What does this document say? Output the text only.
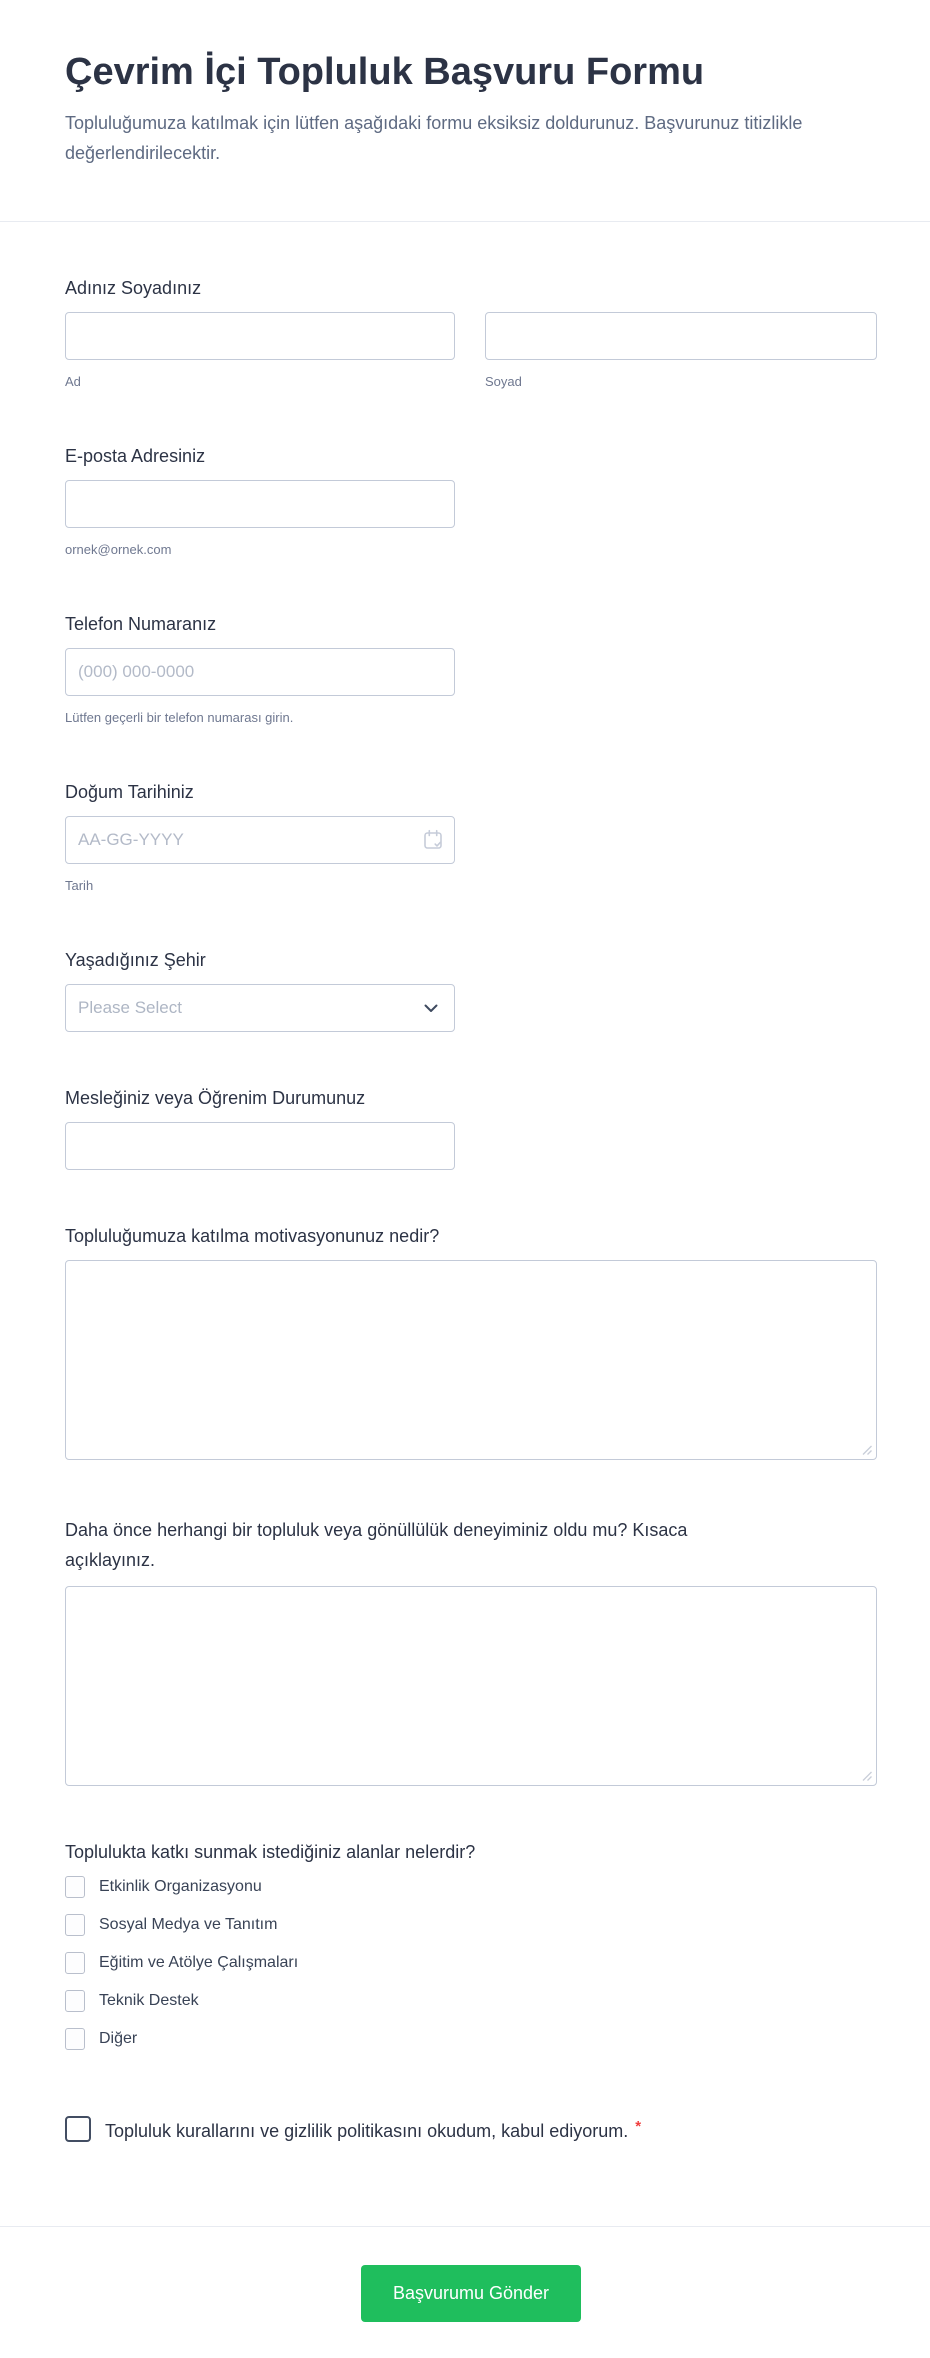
Çevrim İçi Topluluk Başvuru Formu
Topluluğumuza katılmak için lütfen aşağıdaki formu eksiksiz doldurunuz. Başvurunuz titizlikle değerlendirilecektir.
Adınız Soyadınız
Ad	Soyad
E-posta Adresiniz
ornek@ornek.com
Telefon Numaranız
(000) 000-0000
Lütfen geçerli bir telefon numarası girin.
Doğum Tarihiniz
AA-GG-YYYY
Tarih
Yaşadığınız Şehir
Please Select
Mesleğiniz veya Öğrenim Durumunuz
Topluluğumuza katılma motivasyonunuz nedir?
Daha önce herhangi bir topluluk veya gönüllülük deneyiminiz oldu mu? Kısaca açıklayınız.
Toplulukta katkı sunmak istediğiniz alanlar nelerdir?
Etkinlik Organizasyonu
Sosyal Medya ve Tanıtım
Eğitim ve Atölye Çalışmaları
Teknik Destek
Diğer
Topluluk kurallarını ve gizlilik politikasını okudum, kabul ediyorum. *
Başvurumu Gönder
